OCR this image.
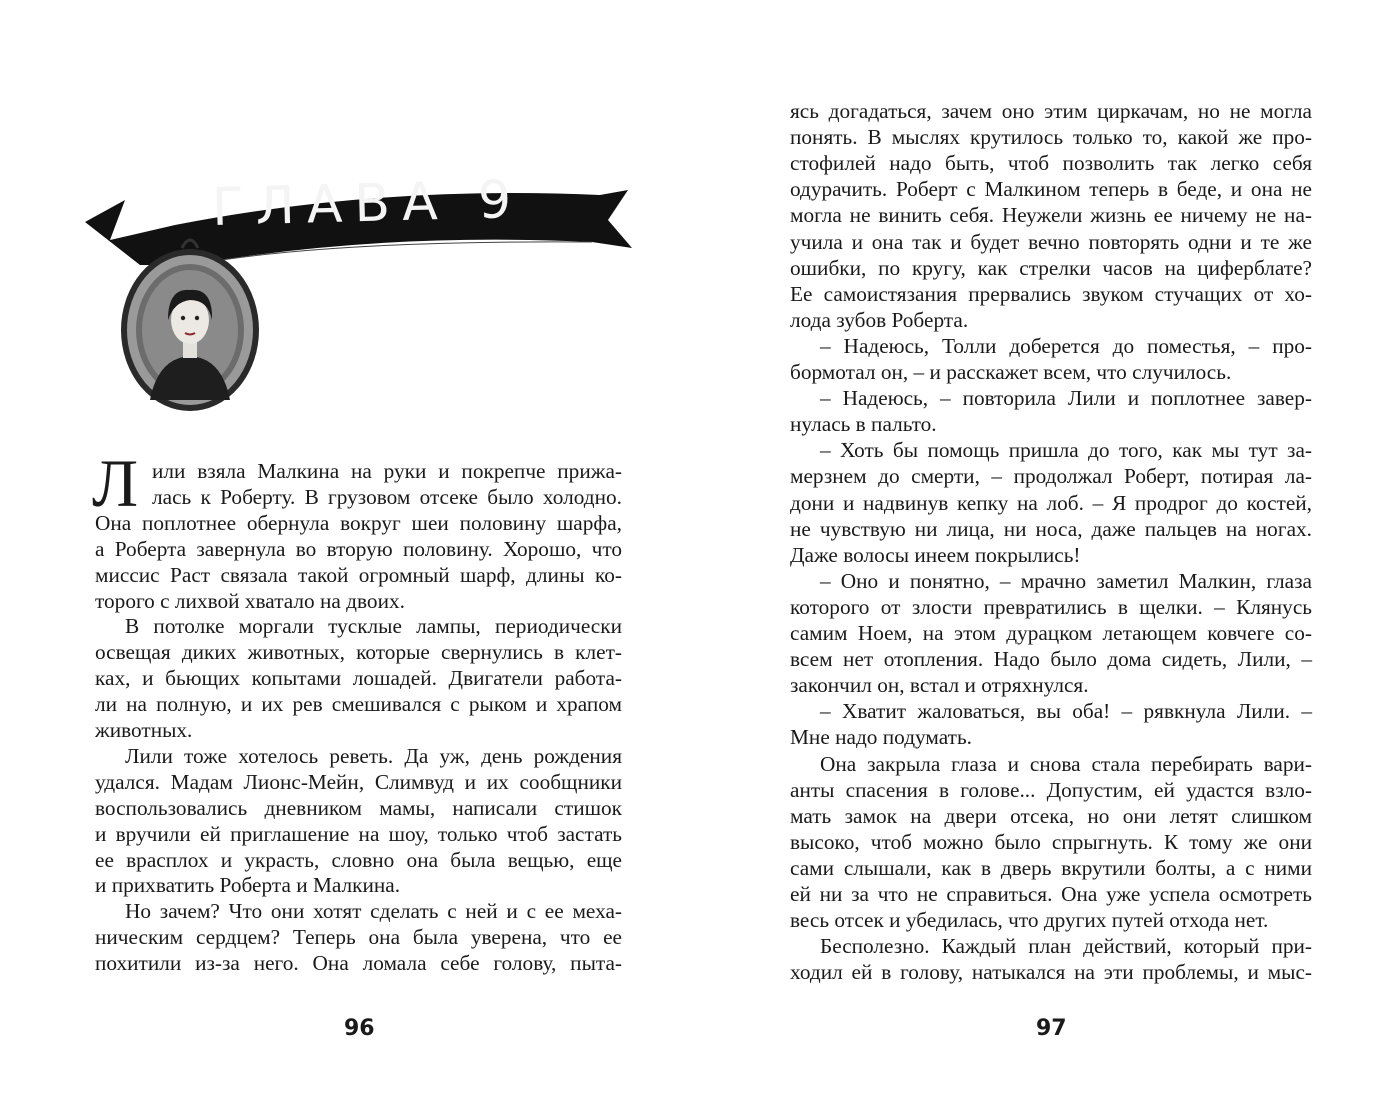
ГЛАВА 9
Л или взяла Малкина на руки и покрепче прижа-
лась к Роберту. В грузовом отсеке было холодно.
Она поплотнее обернула вокруг шеи половину шарфа,
а Роберта завернула во вторую половину. Хорошо, что
миссис Раст связала такой огромный шарф, длины ко-
торого с лихвой хватало на двоих.
В потолке моргали тусклые лампы, периодически
освещая диких животных, которые свернулись в клет-
ках, и бьющих копытами лошадей. Двигатели работа-
ли на полную, и их рев смешивался с рыком и храпом
животных.
Лили тоже хотелось реветь. Да уж, день рождения
удался. Мадам Лионс-Мейн, Слимвуд и их сообщники
воспользовались дневником мамы, написали стишок
и вручили ей приглашение на шоу, только чтоб застать
ее врасплох и украсть, словно она была вещью, еще
и прихватить Роберта и Малкина.
Но зачем? Что они хотят сделать с ней и с ее меха-
ническим сердцем? Теперь она была уверена, что ее
похитили из-за него. Она ломала себе голову, пыта-
96
ясь догадаться, зачем оно этим циркачам, но не могла
понять. В мыслях крутилось только то, какой же про-
стофилей надо быть, чтоб позволить так легко себя
одурачить. Роберт с Малкином теперь в беде, и она не
могла не винить себя. Неужели жизнь ее ничему не на-
учила и она так и будет вечно повторять одни и те же
ошибки, по кругу, как стрелки часов на циферблате?
Ее самоистязания прервались звуком стучащих от хо-
лода зубов Роберта.
– Надеюсь, Толли доберется до поместья, – про-
бормотал он, – и расскажет всем, что случилось.
– Надеюсь, – повторила Лили и поплотнее завер-
нулась в пальто.
– Хоть бы помощь пришла до того, как мы тут за-
мерзнем до смерти, – продолжал Роберт, потирая ла-
дони и надвинув кепку на лоб. – Я продрог до костей,
не чувствую ни лица, ни носа, даже пальцев на ногах.
Даже волосы инеем покрылись!
– Оно и понятно, – мрачно заметил Малкин, глаза
которого от злости превратились в щелки. – Клянусь
самим Ноем, на этом дурацком летающем ковчеге со-
всем нет отопления. Надо было дома сидеть, Лили, –
закончил он, встал и отряхнулся.
– Хватит жаловаться, вы оба! – рявкнула Лили. –
Мне надо подумать.
Она закрыла глаза и снова стала перебирать вари-
анты спасения в голове... Допустим, ей удастся взло-
мать замок на двери отсека, но они летят слишком
высоко, чтоб можно было спрыгнуть. К тому же они
сами слышали, как в дверь вкрутили болты, а с ними
ей ни за что не справиться. Она уже успела осмотреть
весь отсек и убедилась, что других путей отхода нет.
Бесполезно. Каждый план действий, который при-
ходил ей в голову, натыкался на эти проблемы, и мыс-
97
